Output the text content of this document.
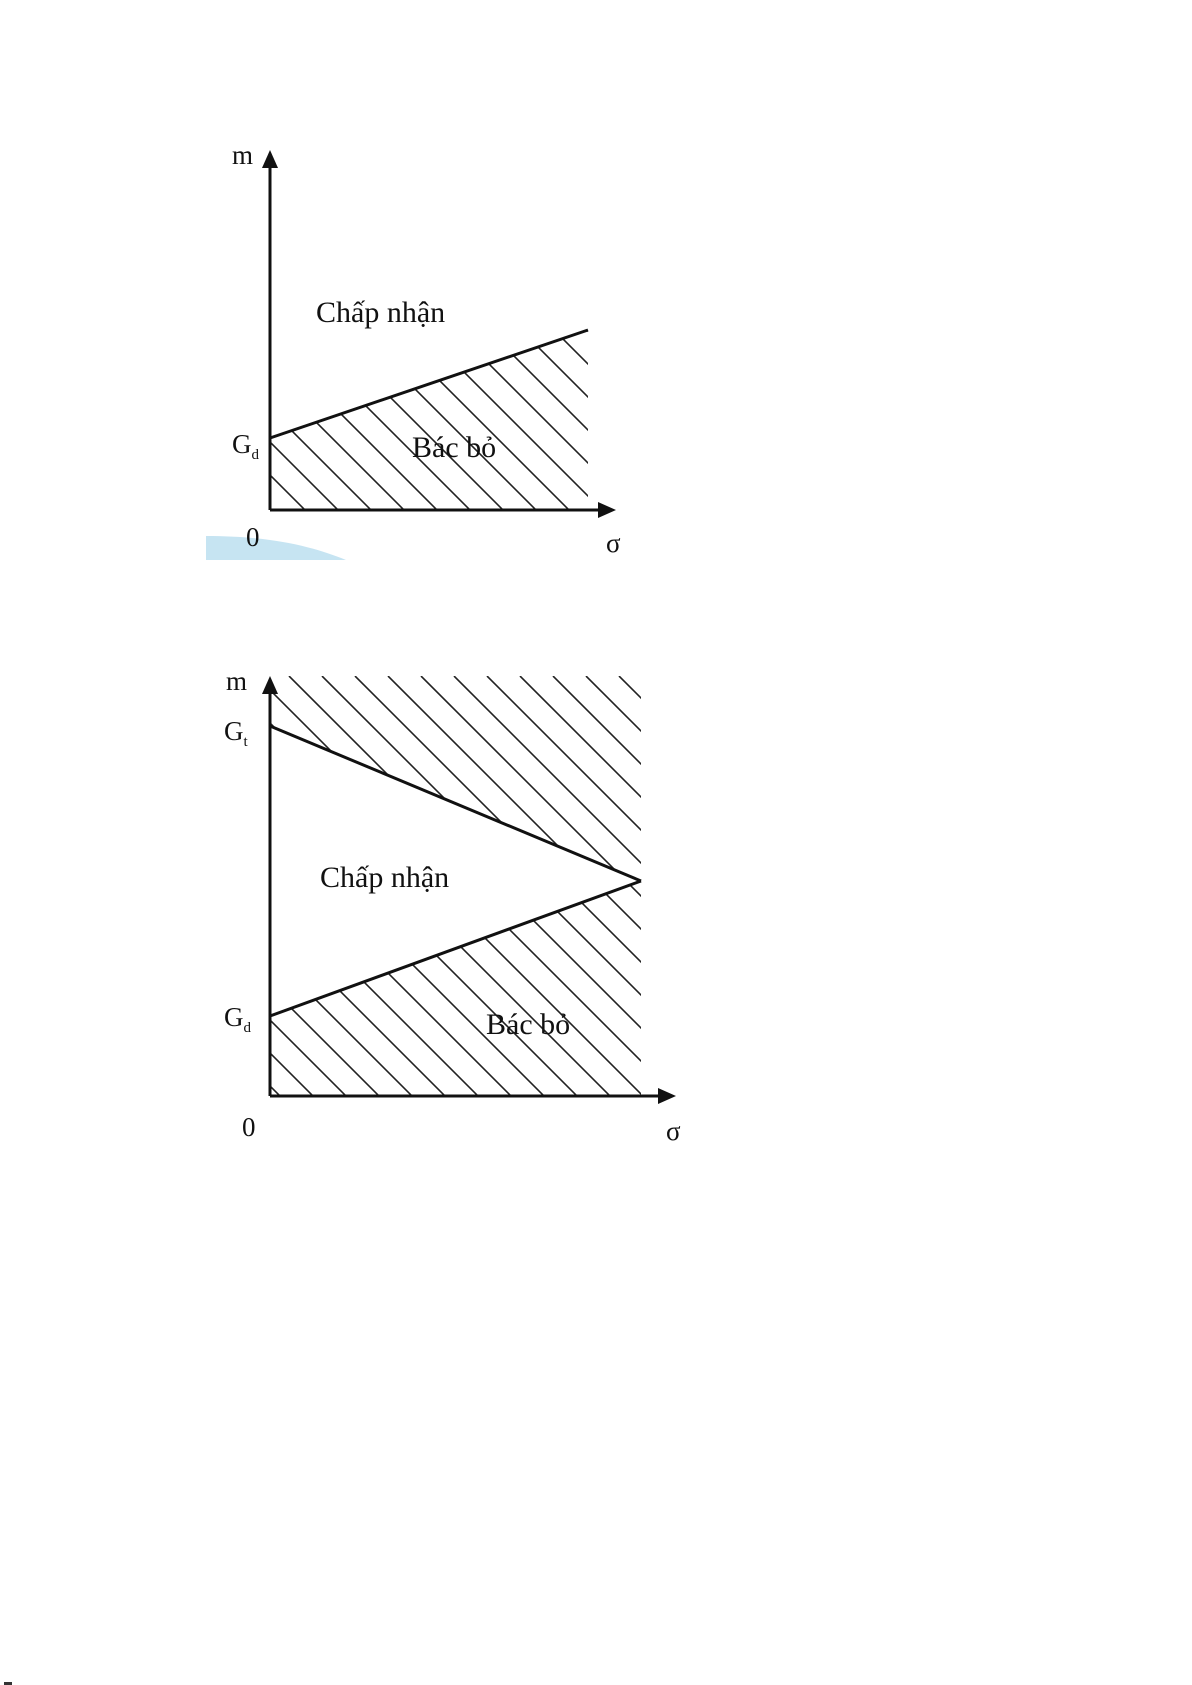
m
σ
0
$G_d$
Chấp nhận
Bác bỏ
m
σ
0
$G_t$
$G_d$
Chấp nhận
Bác bỏ
